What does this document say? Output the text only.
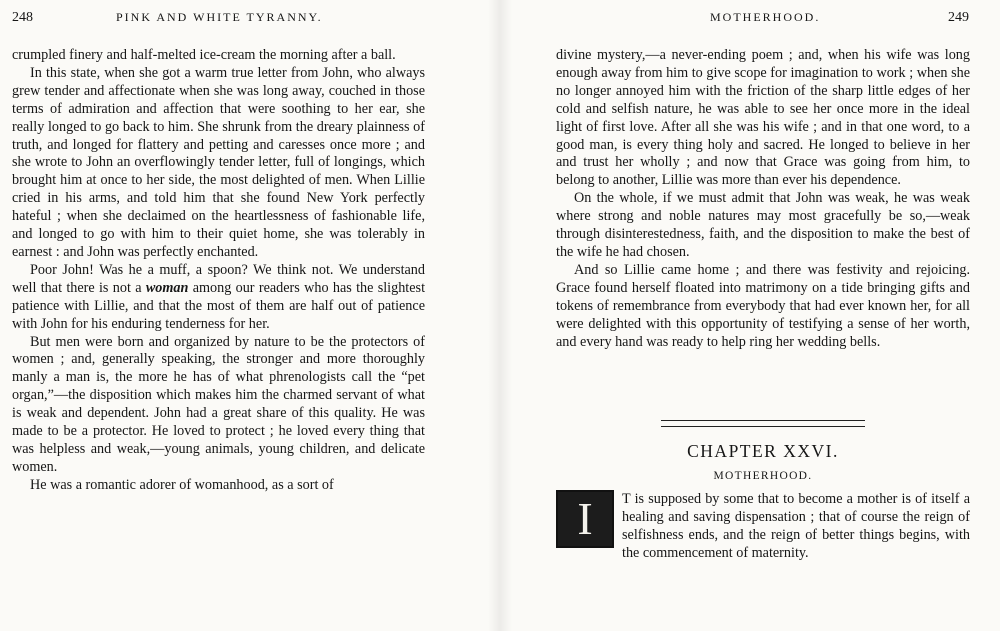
248	PINK AND WHITE TYRANNY.

crumpled finery and half-melted ice-cream the morning after a ball.

In this state, when she got a warm true letter from John, who always grew tender and affectionate when she was long away, couched in those terms of admiration and affection that were soothing to her ear, she really longed to go back to him. She shrunk from the dreary plainness of truth, and longed for flattery and petting and caresses once more ; and she wrote to John an overflowingly tender letter, full of longings, which brought him at once to her side, the most delighted of men. When Lillie cried in his arms, and told him that she found New York perfectly hateful ; when she declaimed on the heartlessness of fashionable life, and longed to go with him to their quiet home, she was tolerably in earnest : and John was perfectly enchanted.

Poor John! Was he a muff, a spoon? We think not. We understand well that there is not a woman among our readers who has the slightest patience with Lillie, and that the most of them are half out of patience with John for his enduring tenderness for her.

But men were born and organized by nature to be the protectors of women ; and, generally speaking, the stronger and more thoroughly manly a man is, the more he has of what phrenologists call the “pet organ,”—the disposition which makes him the charmed servant of what is weak and dependent. John had a great share of this quality. He was made to be a protector. He loved to protect ; he loved every thing that was helpless and weak,—young animals, young children, and delicate women.

He was a romantic adorer of womanhood, as a sort of

MOTHERHOOD.	249

divine mystery,—a never-ending poem ; and, when his wife was long enough away from him to give scope for imagination to work ; when she no longer annoyed him with the friction of the sharp little edges of her cold and selfish nature, he was able to see her once more in the ideal light of first love. After all she was his wife ; and in that one word, to a good man, is every thing holy and sacred. He longed to believe in her and trust her wholly ; and now that Grace was going from him, to belong to another, Lillie was more than ever his dependence.

On the whole, if we must admit that John was weak, he was weak where strong and noble natures may most gracefully be so,—weak through disinterestedness, faith, and the disposition to make the best of the wife he had chosen.

And so Lillie came home ; and there was festivity and rejoicing. Grace found herself floated into matrimony on a tide bringing gifts and tokens of remembrance from everybody that had ever known her, for all were delighted with this opportunity of testifying a sense of her worth, and every hand was ready to help ring her wedding bells.

CHAPTER XXVI.
MOTHERHOOD.
I	T is supposed by some that to become a mother is of itself a healing and saving dispensation ; that of course the reign of selfishness ends, and the reign of better things begins, with the commencement of maternity.
